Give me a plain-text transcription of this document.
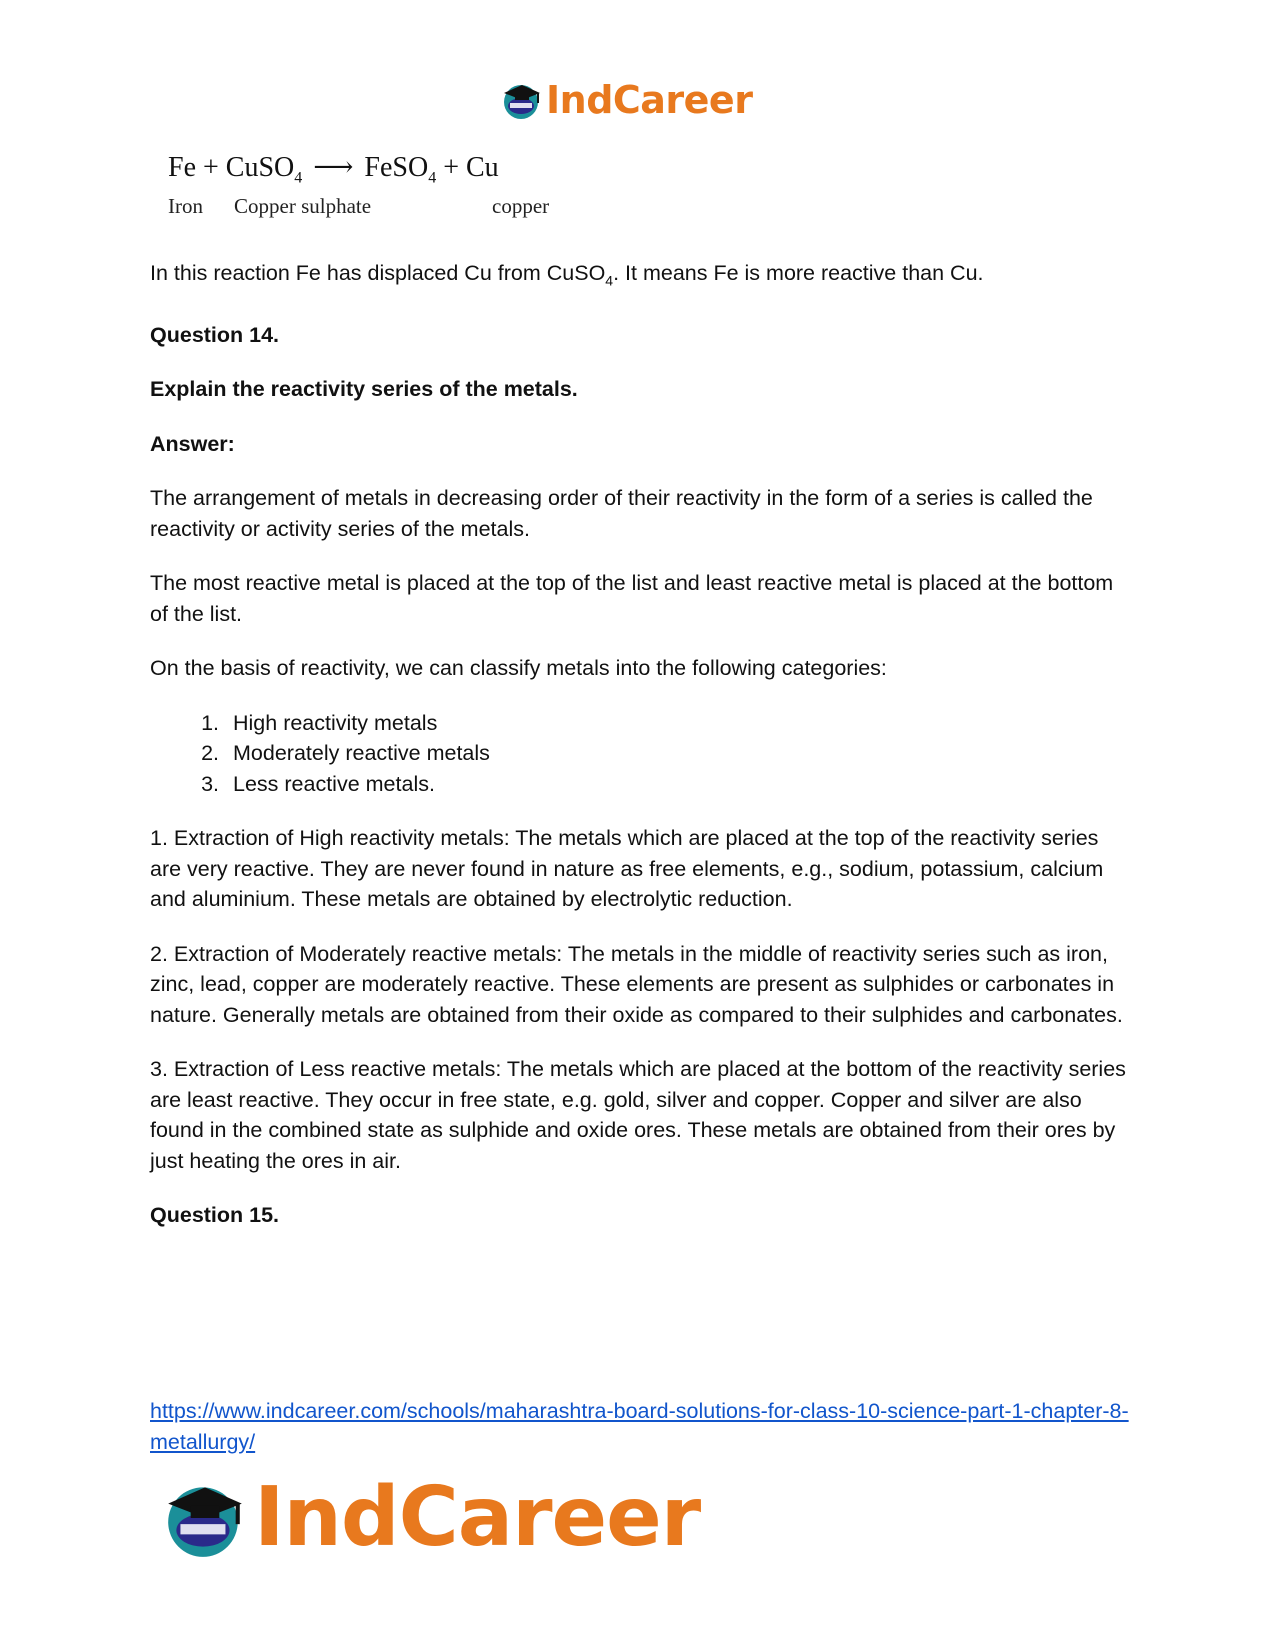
IndCareer
Fe + CuSO$_4$ ⟶ FeSO$_4$ + Cu
Iron Copper sulphate	copper

In this reaction Fe has displaced Cu from CuSO$_4$. It means Fe is more reactive than Cu.

Question 14.

Explain the reactivity series of the metals.

Answer:

The arrangement of metals in decreasing order of their reactivity in the form of a series is called the reactivity or activity series of the metals.

The most reactive metal is placed at the top of the list and least reactive metal is placed at the bottom of the list.

On the basis of reactivity, we can classify metals into the following categories:

1. High reactivity metals
2. Moderately reactive metals
3. Less reactive metals.

1. Extraction of High reactivity metals: The metals which are placed at the top of the reactivity series are very reactive. They are never found in nature as free elements, e.g., sodium, potassium, calcium and aluminium. These metals are obtained by electrolytic reduction.

2. Extraction of Moderately reactive metals: The metals in the middle of reactivity series such as iron, zinc, lead, copper are moderately reactive. These elements are present as sulphides or carbonates in nature. Generally metals are obtained from their oxide as compared to their sulphides and carbonates.

3. Extraction of Less reactive metals: The metals which are placed at the bottom of the reactivity series are least reactive. They occur in free state, e.g. gold, silver and copper. Copper and silver are also found in the combined state as sulphide and oxide ores. These metals are obtained from their ores by just heating the ores in air.

Question 15.

https://www.indcareer.com/schools/maharashtra-board-solutions-for-class-10-science-part-1-chapter-8-metallurgy/
IndCareer
